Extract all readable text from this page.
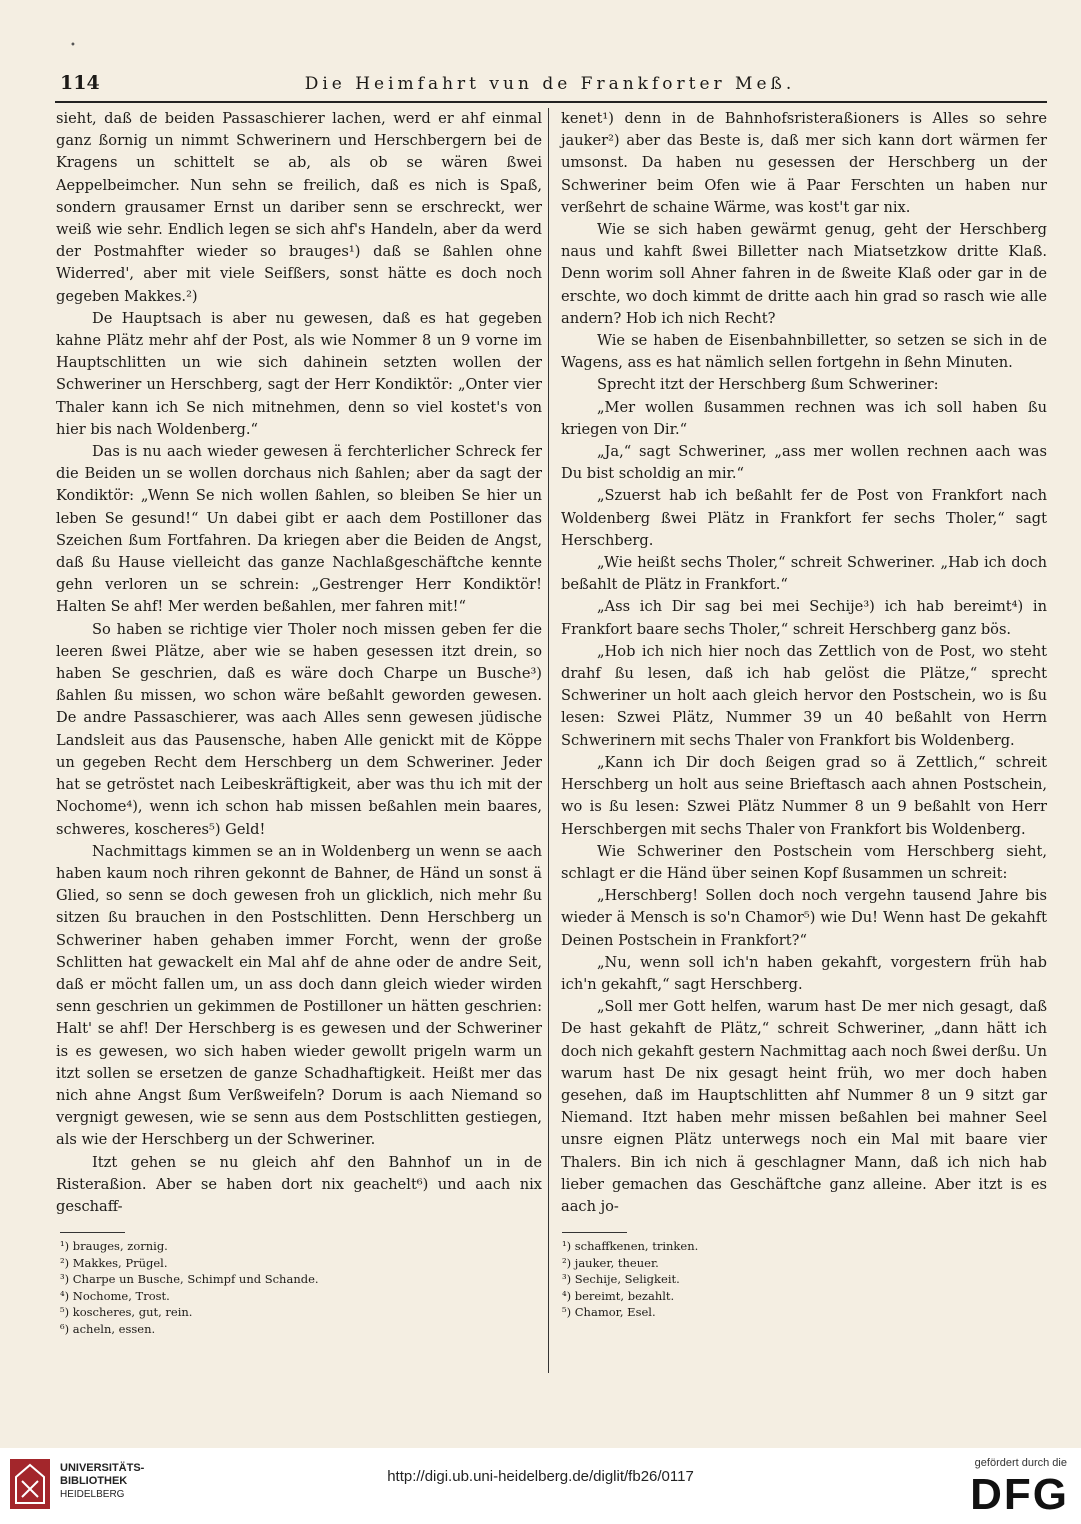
•
114	Die Heimfahrt vun de Frankforter Meß.

sieht, daß de beiden Passaschierer lachen, werd er ahf einmal ganz ßornig un nimmt Schwerinern und Herschbergern bei de Kragens un schittelt se ab, als ob se wären ßwei Aeppelbeimcher. Nun sehn se freilich, daß es nich is Spaß, sondern grausamer Ernst un dariber senn se erschreckt, wer weiß wie sehr. Endlich legen se sich ahf's Handeln, aber da werd der Postmahfter wieder so brauges¹) daß se ßahlen ohne Widerred', aber mit viele Seifßers, sonst hätte es doch noch gegeben Makkes.²)

De Hauptsach is aber nu gewesen, daß es hat gegeben kahne Plätz mehr ahf der Post, als wie Nommer 8 un 9 vorne im Hauptschlitten un wie sich dahinein setzten wollen der Schweriner un Herschberg, sagt der Herr Kondiktör: „Onter vier Thaler kann ich Se nich mitnehmen, denn so viel kostet's von hier bis nach Woldenberg.“

Das is nu aach wieder gewesen ä ferchterlicher Schreck fer die Beiden un se wollen dorchaus nich ßahlen; aber da sagt der Kondiktör: „Wenn Se nich wollen ßahlen, so bleiben Se hier un leben Se gesund!“ Un dabei gibt er aach dem Postilloner das Szeichen ßum Fortfahren. Da kriegen aber die Beiden de Angst, daß ßu Hause vielleicht das ganze Nachlaßgeschäftche kennte gehn verloren un se schrein: „Gestrenger Herr Kondiktör! Halten Se ahf! Mer werden beßahlen, mer fahren mit!“

So haben se richtige vier Tholer noch missen geben fer die leeren ßwei Plätze, aber wie se haben gesessen itzt drein, so haben Se geschrien, daß es wäre doch Charpe un Busche³) ßahlen ßu missen, wo schon wäre beßahlt geworden gewesen. De andre Passaschierer, was aach Alles senn gewesen jüdische Landsleit aus das Pausensche, haben Alle genickt mit de Köppe un gegeben Recht dem Herschberg un dem Schweriner. Jeder hat se getröstet nach Leibeskräftigkeit, aber was thu ich mit der Nochome⁴), wenn ich schon hab missen beßahlen mein baares, schweres, koscheres⁵) Geld!

Nachmittags kimmen se an in Woldenberg un wenn se aach haben kaum noch rihren gekonnt de Bahner, de Händ un sonst ä Glied, so senn se doch gewesen froh un glicklich, nich mehr ßu sitzen ßu brauchen in den Postschlitten. Denn Herschberg un Schweriner haben gehaben immer Forcht, wenn der große Schlitten hat gewackelt ein Mal ahf de ahne oder de andre Seit, daß er möcht fallen um, un ass doch dann gleich wieder wirden senn geschrien un gekimmen de Postilloner un hätten geschrien: Halt' se ahf! Der Herschberg is es gewesen und der Schweriner is es gewesen, wo sich haben wieder gewollt prigeln warm un itzt sollen se ersetzen de ganze Schadhaftigkeit. Heißt mer das nich ahne Angst ßum Verßweifeln? Dorum is aach Niemand so vergnigt gewesen, wie se senn aus dem Postschlitten gestiegen, als wie der Herschberg un der Schweriner.

Itzt gehen se nu gleich ahf den Bahnhof un in de Risteraßion. Aber se haben dort nix geachelt⁶) und aach nix geschaff-

kenet¹) denn in de Bahnhofsristeraßioners is Alles so sehre jauker²) aber das Beste is, daß mer sich kann dort wärmen fer umsonst. Da haben nu gesessen der Herschberg un der Schweriner beim Ofen wie ä Paar Ferschten un haben nur verßehrt de schaine Wärme, was kost't gar nix.

Wie se sich haben gewärmt genug, geht der Herschberg naus und kahft ßwei Billetter nach Miatsetzkow dritte Klaß. Denn worim soll Ahner fahren in de ßweite Klaß oder gar in de erschte, wo doch kimmt de dritte aach hin grad so rasch wie alle andern? Hob ich nich Recht?

Wie se haben de Eisenbahnbilletter, so setzen se sich in de Wagens, ass es hat nämlich sellen fortgehn in ßehn Minuten.

Sprecht itzt der Herschberg ßum Schweriner:

„Mer wollen ßusammen rechnen was ich soll haben ßu kriegen von Dir.“

„Ja,“ sagt Schweriner, „ass mer wollen rechnen aach was Du bist scholdig an mir.“

„Szuerst hab ich beßahlt fer de Post von Frankfort nach Woldenberg ßwei Plätz in Frankfort fer sechs Tholer,“ sagt Herschberg.

„Wie heißt sechs Tholer,“ schreit Schweriner. „Hab ich doch beßahlt de Plätz in Frankfort.“

„Ass ich Dir sag bei mei Sechije³) ich hab bereimt⁴) in Frankfort baare sechs Tholer,“ schreit Herschberg ganz bös.

„Hob ich nich hier noch das Zettlich von de Post, wo steht drahf ßu lesen, daß ich hab gelöst die Plätze,“ sprecht Schweriner un holt aach gleich hervor den Postschein, wo is ßu lesen: Szwei Plätz, Nummer 39 un 40 beßahlt von Herrn Schwerinern mit sechs Thaler von Frankfort bis Woldenberg.

„Kann ich Dir doch ßeigen grad so ä Zettlich,“ schreit Herschberg un holt aus seine Brieftasch aach ahnen Postschein, wo is ßu lesen: Szwei Plätz Nummer 8 un 9 beßahlt von Herr Herschbergen mit sechs Thaler von Frankfort bis Woldenberg.

Wie Schweriner den Postschein vom Herschberg sieht, schlagt er die Händ über seinen Kopf ßusammen un schreit:

„Herschberg! Sollen doch noch vergehn tausend Jahre bis wieder ä Mensch is so'n Chamor⁵) wie Du! Wenn hast De gekahft Deinen Postschein in Frankfort?“

„Nu, wenn soll ich'n haben gekahft, vorgestern früh hab ich'n gekahft,“ sagt Herschberg.

„Soll mer Gott helfen, warum hast De mer nich gesagt, daß De hast gekahft de Plätz,“ schreit Schweriner, „dann hätt ich doch nich gekahft gestern Nachmittag aach noch ßwei derßu. Un warum hast De nix gesagt heint früh, wo mer doch haben gesehen, daß im Hauptschlitten ahf Nummer 8 un 9 sitzt gar Niemand. Itzt haben mehr missen beßahlen bei mahner Seel unsre eignen Plätz unterwegs noch ein Mal mit baare vier Thalers. Bin ich nich ä geschlagner Mann, daß ich nich hab lieber gemachen das Geschäftche ganz alleine. Aber itzt is es aach jo-

¹) brauges, zornig.
²) Makkes, Prügel.
³) Charpe un Busche, Schimpf und Schande.
⁴) Nochome, Trost.
⁵) koscheres, gut, rein.
⁶) acheln, essen.
¹) schaffkenen, trinken.
²) jauker, theuer.
³) Sechije, Seligkeit.
⁴) bereimt, bezahlt.
⁵) Chamor, Esel.
UNIVERSITÄTS-
BIBLIOTHEK
HEIDELBERG
http://digi.ub.uni-heidelberg.de/diglit/fb26/0117
gefördert durch die
DFG
